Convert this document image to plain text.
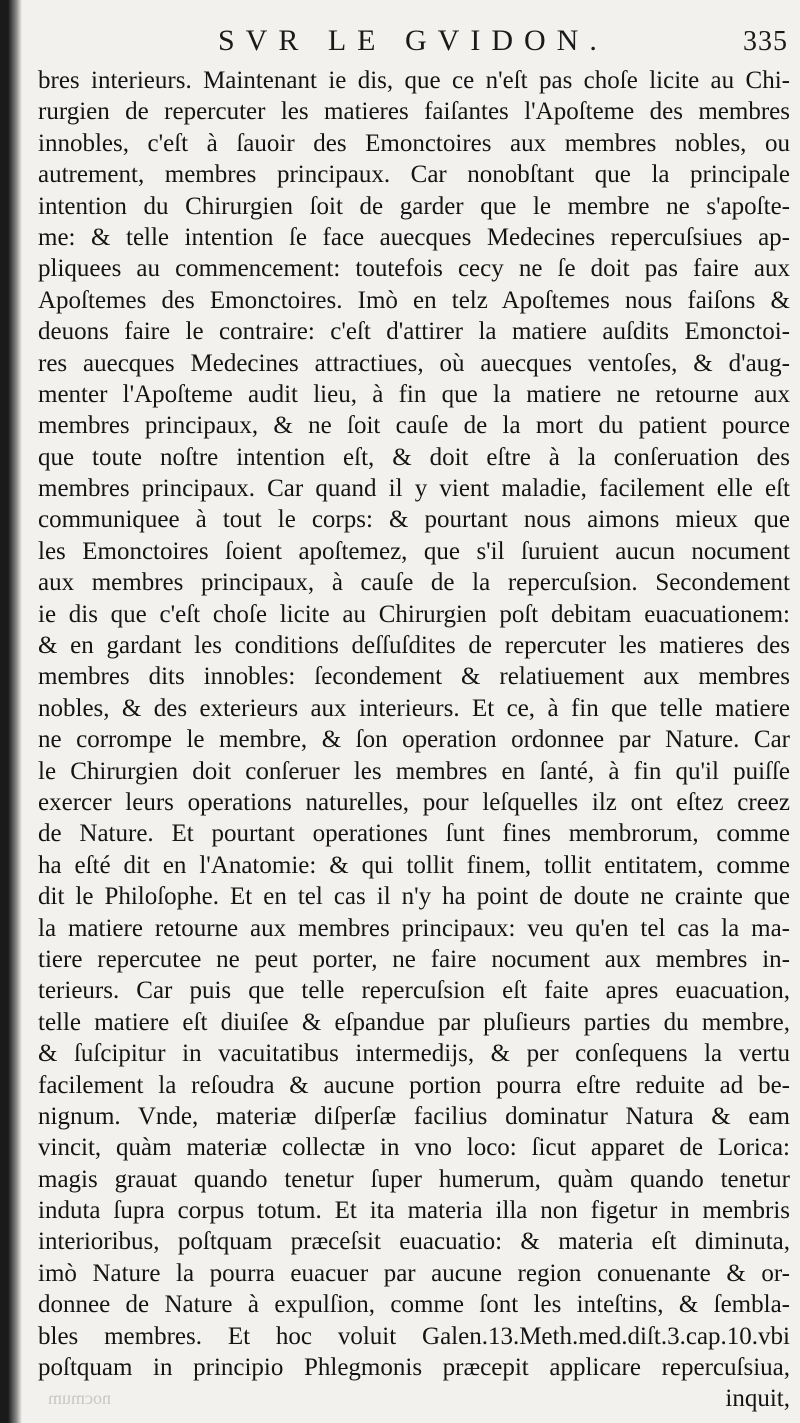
SVR LE GVIDON.	335
bres interieurs. Maintenant ie dis, que ce n'eſt pas choſe licite au Chi-
rurgien de repercuter les matieres faiſantes l'Apoſteme des membres
innobles, c'eſt à ſauoir des Emonctoires aux membres nobles, ou
autrement, membres principaux. Car nonobſtant que la principale
intention du Chirurgien ſoit de garder que le membre ne s'apoſte-
me: & telle intention ſe face auecques Medecines repercuſsiues ap-
pliquees au commencement: toutefois cecy ne ſe doit pas faire aux
Apoſtemes des Emonctoires. Imò en telz Apoſtemes nous faiſons &
deuons faire le contraire: c'eſt d'attirer la matiere auſdits Emonctoi-
res auecques Medecines attractiues, où auecques ventoſes, & d'aug-
menter l'Apoſteme audit lieu, à fin que la matiere ne retourne aux
membres principaux, & ne ſoit cauſe de la mort du patient pource
que toute noſtre intention eſt, & doit eſtre à la conſeruation des
membres principaux. Car quand il y vient maladie, facilement elle eſt
communiquee à tout le corps: & pourtant nous aimons mieux que
les Emonctoires ſoient apoſtemez, que s'il ſuruient aucun nocument
aux membres principaux, à cauſe de la repercuſsion. Secondement
ie dis que c'eſt choſe licite au Chirurgien poſt debitam euacuationem:
& en gardant les conditions deſſuſdites de repercuter les matieres des
membres dits innobles: ſecondement & relatiuement aux membres
nobles, & des exterieurs aux interieurs. Et ce, à fin que telle matiere
ne corrompe le membre, & ſon operation ordonnee par Nature. Car
le Chirurgien doit conſeruer les membres en ſanté, à fin qu'il puiſſe
exercer leurs operations naturelles, pour leſquelles ilz ont eſtez creez
de Nature. Et pourtant operationes ſunt fines membrorum, comme
ha eſté dit en l'Anatomie: & qui tollit finem, tollit entitatem, comme
dit le Philoſophe. Et en tel cas il n'y ha point de doute ne crainte que
la matiere retourne aux membres principaux: veu qu'en tel cas la ma-
tiere repercutee ne peut porter, ne faire nocument aux membres in-
terieurs. Car puis que telle repercuſsion eſt faite apres euacuation,
telle matiere eſt diuiſee & eſpandue par pluſieurs parties du membre,
& ſuſcipitur in vacuitatibus intermedijs, & per conſequens la vertu
facilement la reſoudra & aucune portion pourra eſtre reduite ad be-
nignum. Vnde, materiæ diſperſæ facilius dominatur Natura & eam
vincit, quàm materiæ collectæ in vno loco: ſicut apparet de Lorica:
magis grauat quando tenetur ſuper humerum, quàm quando tenetur
induta ſupra corpus totum. Et ita materia illa non figetur in membris
interioribus, poſtquam præceſsit euacuatio: & materia eſt diminuta,
imò Nature la pourra euacuer par aucune region conuenante & or-
donnee de Nature à expulſion, comme ſont les inteſtins, & ſembla-
bles membres. Et hoc voluit Galen.13.Meth.med.diſt.3.cap.10.vbi
poſtquam in principio Phlegmonis præcepit applicare repercuſsiua,
inquit,
nocmum
